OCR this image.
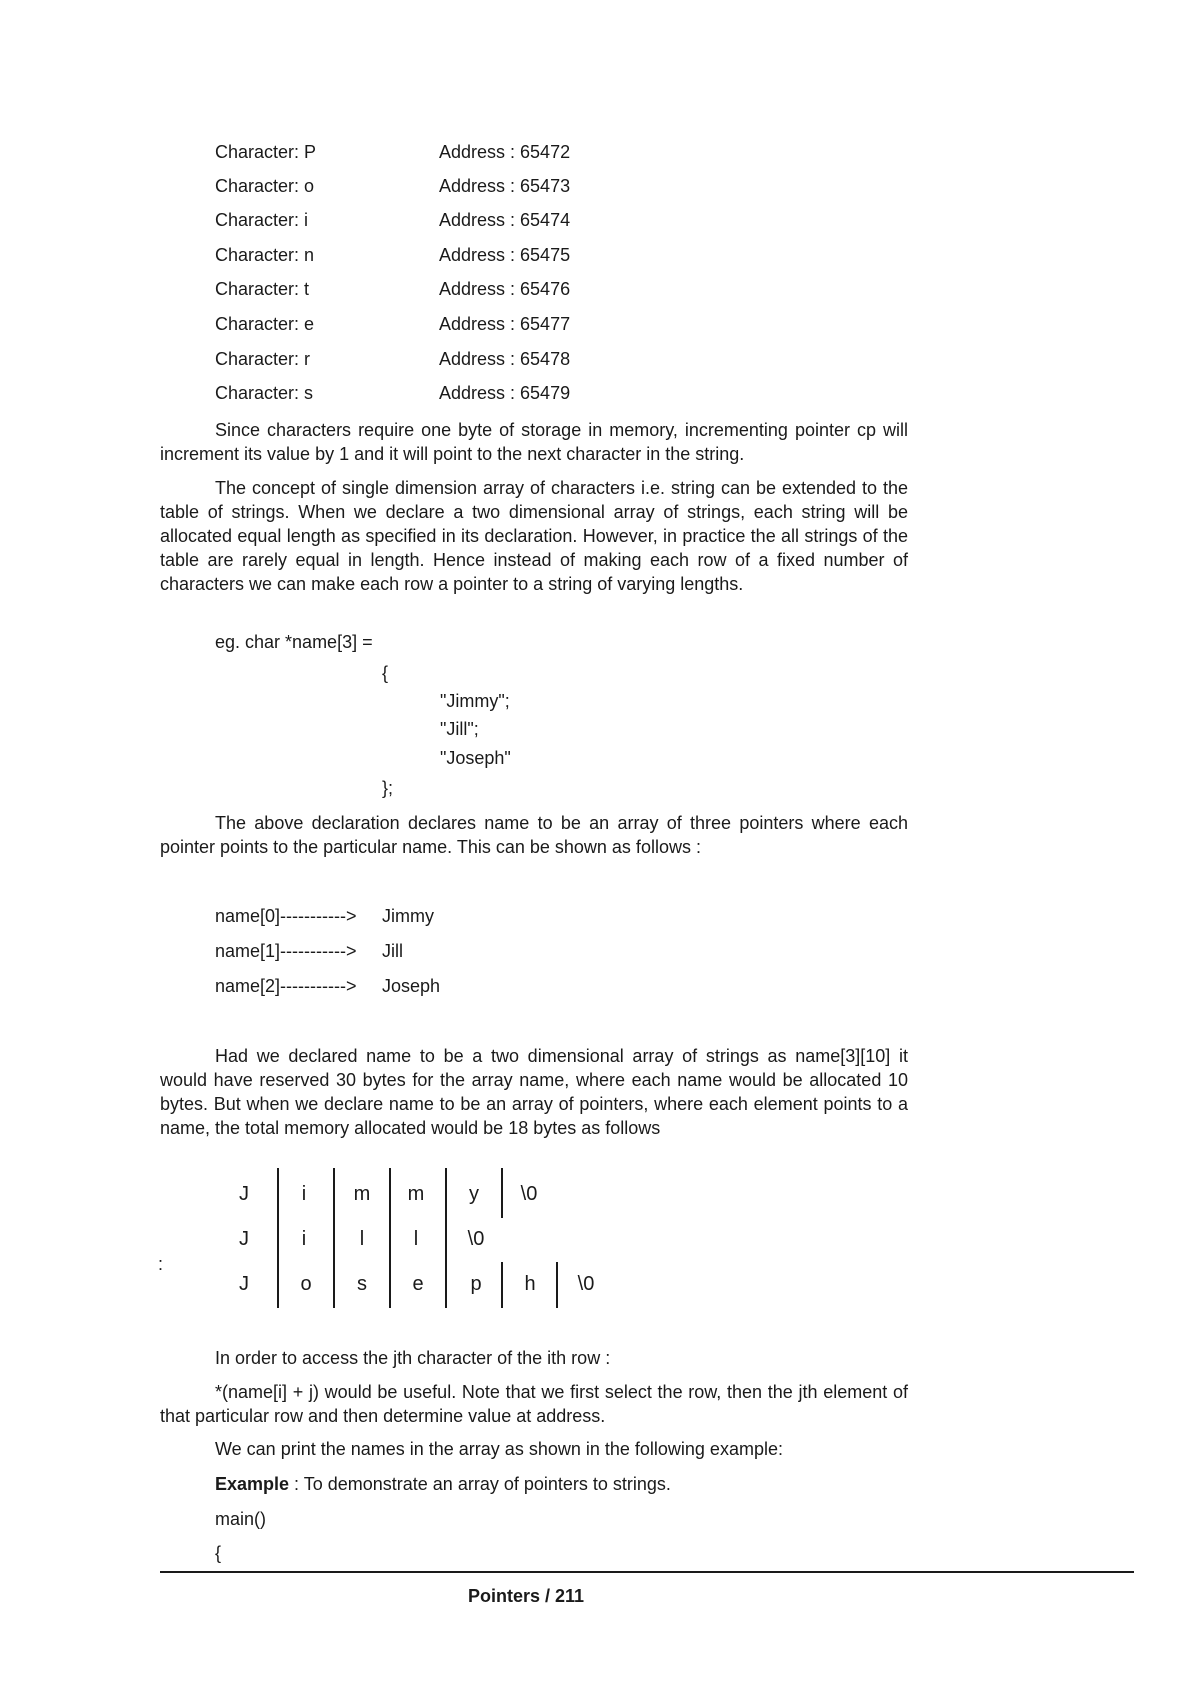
Character: P	Address : 65472
Character: o	Address : 65473
Character: i	Address : 65474
Character: n	Address : 65475
Character: t	Address : 65476
Character: e	Address : 65477
Character: r	Address : 65478
Character: s	Address : 65479
Since characters require one byte of storage in memory, incrementing pointer cp will increment its value by 1 and it will point to the next character in the string.
The concept of single dimension array of characters i.e. string can be extended to the table of strings. When we declare a two dimensional array of strings, each string will be allocated equal length as specified in its declaration. However, in practice the all strings of the table are rarely equal in length. Hence instead of making each row of a fixed number of characters we can make each row a pointer to a string of varying lengths.
eg. char *name[3] =
{
"Jimmy";
"Jill";
"Joseph"
};
The above declaration declares name to be an array of three pointers where each pointer points to the particular name. This can be shown as follows :
name[0]-----------> Jimmy
name[1]-----------> Jill
name[2]-----------> Joseph
Had we declared name to be a two dimensional array of strings as name[3][10] it would have reserved 30 bytes for the array name, where each name would be allocated 10 bytes. But when we declare name to be an array of pointers, where each element points to a name, the total memory allocated would be 18 bytes as follows
:
J	i	m	m	y	\0
J	i	l	l	\0
J	o	s	e	p	h	\0
In order to access the jth character of the ith row :
*(name[i] + j) would be useful. Note that we first select the row, then the jth element of that particular row and then determine value at address.
We can print the names in the array as shown in the following example:
Example : To demonstrate an array of pointers to strings.
main()
{
Pointers / 211
